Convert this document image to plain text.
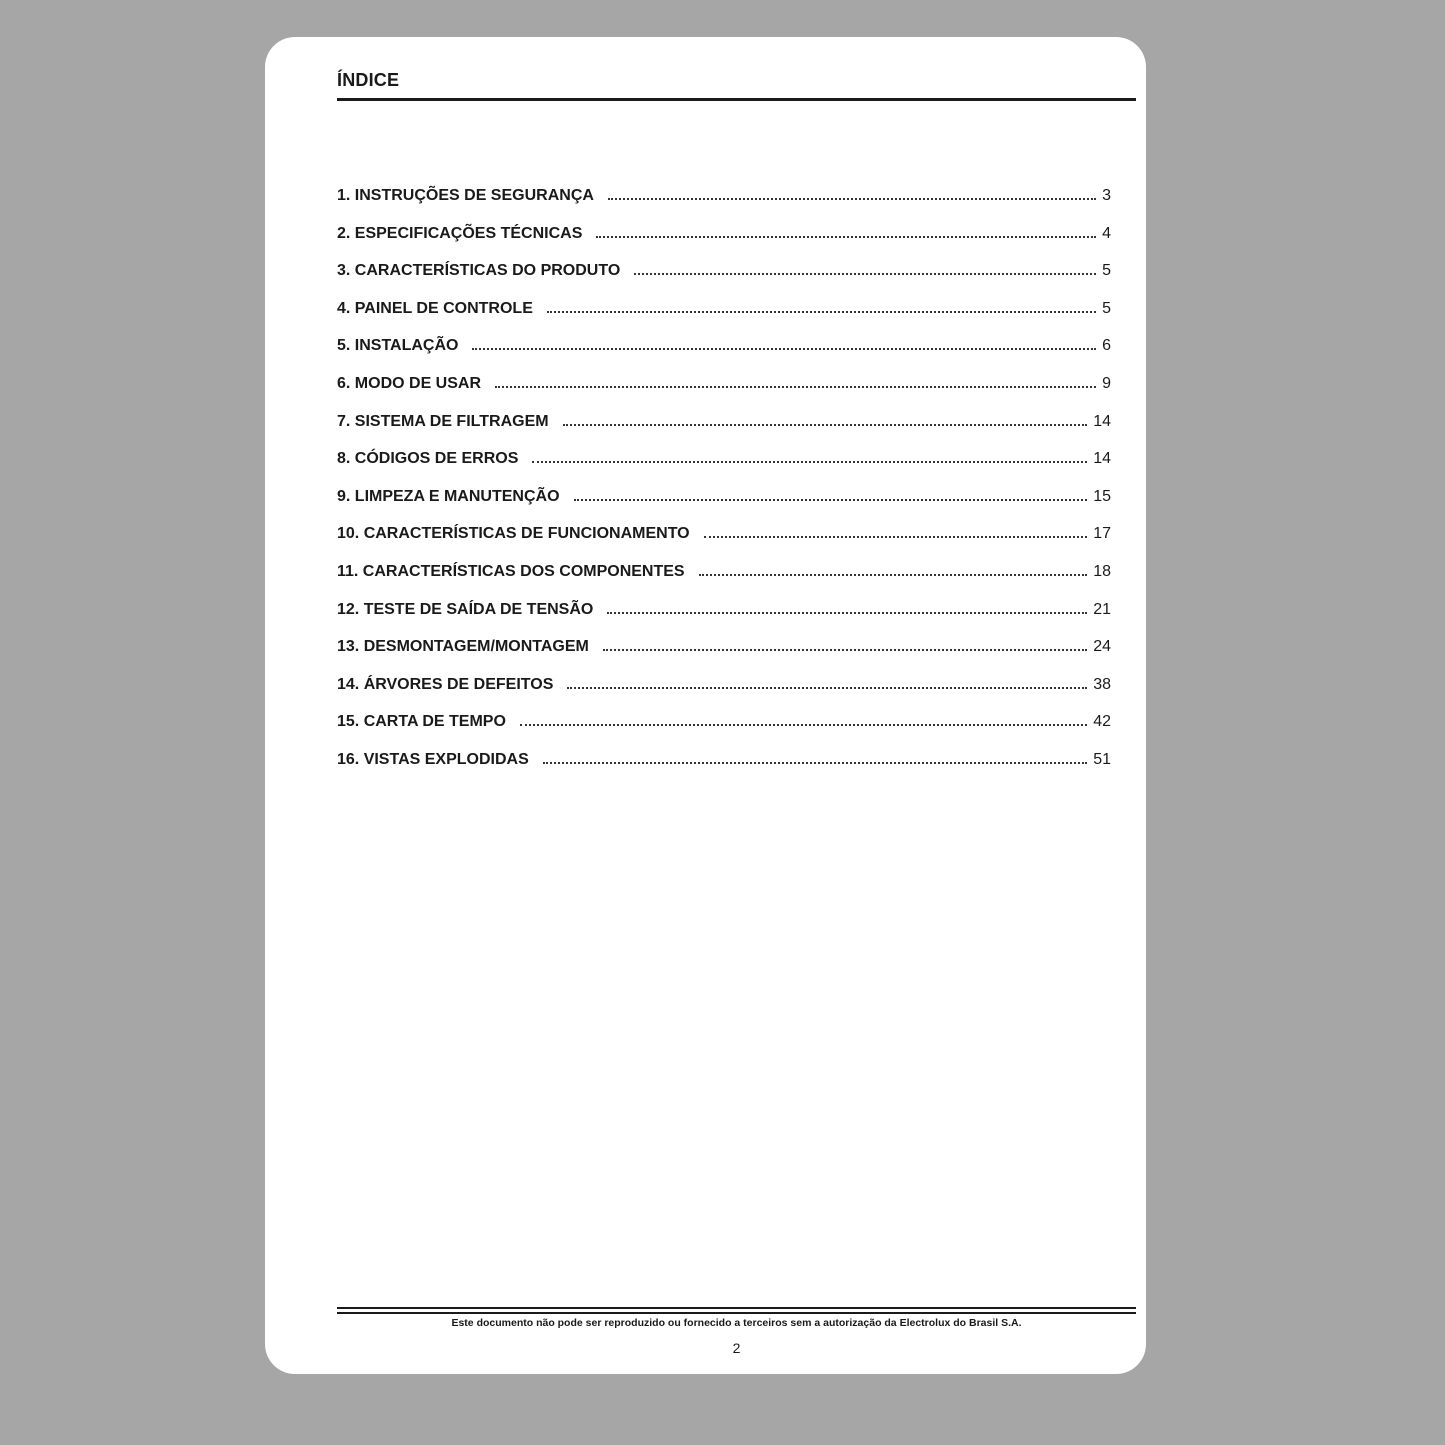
ÍNDICE
1. INSTRUÇÕES DE SEGURANÇA	3
2. ESPECIFICAÇÕES TÉCNICAS	4
3. CARACTERÍSTICAS DO PRODUTO	5
4. PAINEL DE CONTROLE	5
5. INSTALAÇÃO	6
6. MODO DE USAR	9
7. SISTEMA DE FILTRAGEM	14
8. CÓDIGOS DE ERROS	14
9. LIMPEZA E MANUTENÇÃO	15
10. CARACTERÍSTICAS DE FUNCIONAMENTO	17
11. CARACTERÍSTICAS DOS COMPONENTES	18
12. TESTE DE SAÍDA DE TENSÃO	21
13. DESMONTAGEM/MONTAGEM	24
14. ÁRVORES DE DEFEITOS	38
15. CARTA DE TEMPO	42
16. VISTAS EXPLODIDAS	51
Este documento não pode ser reproduzido ou fornecido a terceiros sem a autorização da Electrolux do Brasil S.A.
2
